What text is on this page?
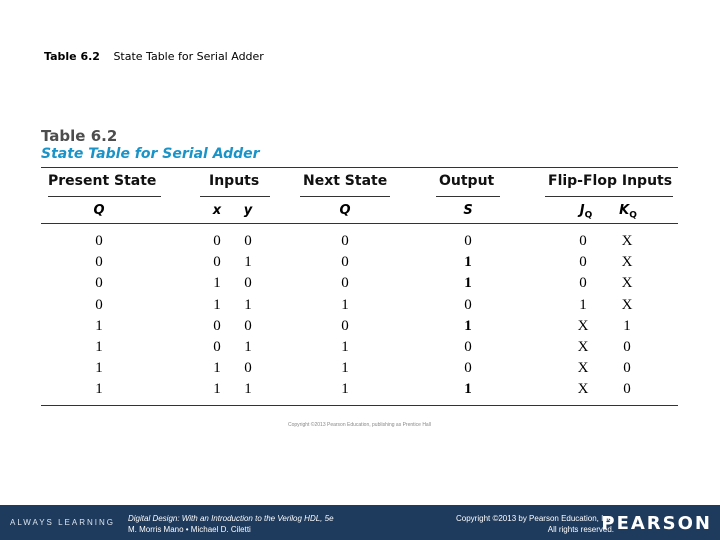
Table 6.2 State Table for Serial Adder
Table 6.2
State Table for Serial Adder
Present State	Inputs	Next State	Output	Flip-Flop Inputs
Q	x y	Q	S	$J_Q$ $K_Q$
0	0 0	0	0	0 X
0	0 1	0	1	0 X
0	1 0	0	1	0 X
0	1 1	1	0	1 X
1	0 0	0	1	X 1
1	0 1	1	0	X 0
1	1 0	1	0	X 0
1	1 1	1	1	X 0
Copyright ©2013 Pearson Education, publishing as Prentice Hall
ALWAYS LEARNING Digital Design: With an Introduction to the Verilog HDL, 5e
M. Morris Mano • Michael D. Ciletti
Copyright ©2013 by Pearson Education, Inc.
All rights reserved.
PEARSON
